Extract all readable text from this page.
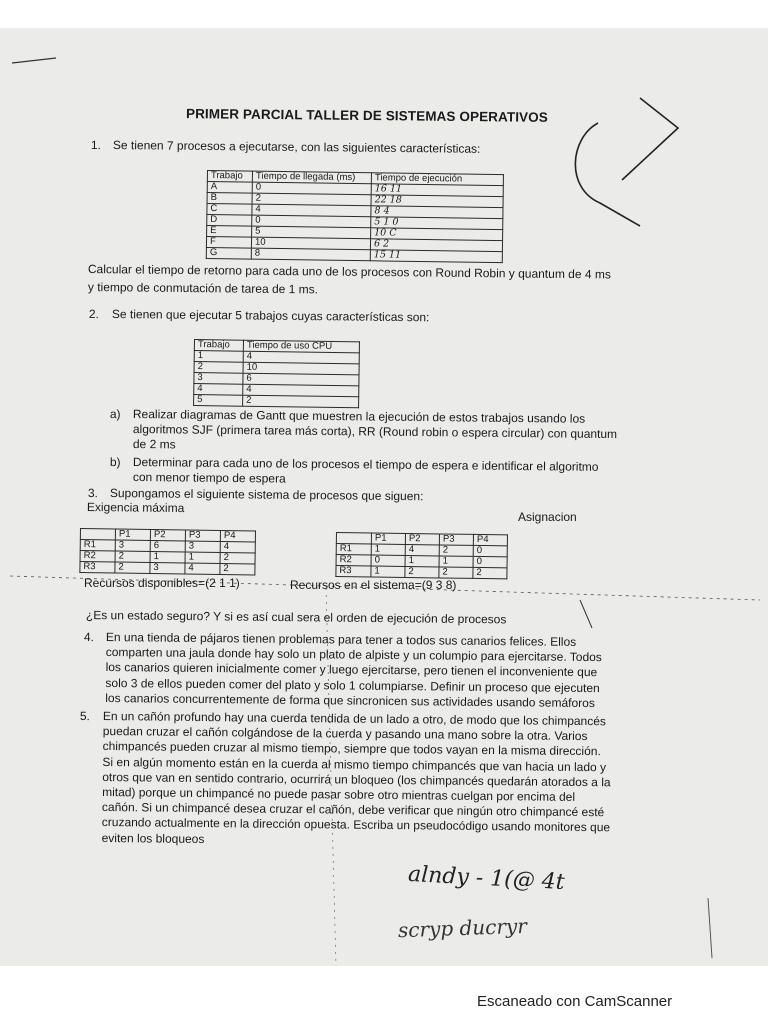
PRIMER PARCIAL TALLER DE SISTEMAS OPERATIVOS
1. Se tienen 7 procesos a ejecutarse, con las siguientes características:
Trabajo	Tiempo de llegada (ms)	Tiempo de ejecución
A	0	16 11
B	2	22 18
C	4	8 4
D	0	5 1 0
E	5	10 C
F	10	6 2
G	8	15 11
Calcular el tiempo de retorno para cada uno de los procesos con Round Robin y quantum de 4 ms
y tiempo de conmutación de tarea de 1 ms.
2. Se tienen que ejecutar 5 trabajos cuyas características son:
Trabajo	Tiempo de uso CPU
1	4
2	10
3	6
4	4
5	2
a) Realizar diagramas de Gantt que muestren la ejecución de estos trabajos usando los
algoritmos SJF (primera tarea más corta), RR (Round robin o espera circular) con quantum
de 2 ms
b) Determinar para cada uno de los procesos el tiempo de espera e identificar el algoritmo
con menor tiempo de espera
3. Supongamos el siguiente sistema de procesos que siguen:
Exigencia máxima
Asignacion
	P1	P2	P3	P4
R1	3	6	3	4
R2	2	1	1	2
R3	2	3	4	2
	P1	P2	P3	P4
R1	1	4	2	0
R2	0	1	1	0
R3	1	2	2	2
Recursos disponibles=(2 1 1)	Recursos en el sistema=(9 3 8)
¿Es un estado seguro? Y si es así cual sera el orden de ejecución de procesos
4. En una tienda de pájaros tienen problemas para tener a todos sus canarios felices. Ellos
comparten una jaula donde hay solo un plato de alpiste y un columpio para ejercitarse. Todos
los canarios quieren inicialmente comer y luego ejercitarse, pero tienen el inconveniente que
solo 3 de ellos pueden comer del plato y solo 1 columpiarse. Definir un proceso que ejecuten
los canarios concurrentemente de forma que sincronicen sus actividades usando semáforos
5. En un cañón profundo hay una cuerda tendida de un lado a otro, de modo que los chimpancés
puedan cruzar el cañón colgándose de la cuerda y pasando una mano sobre la otra. Varios
chimpancés pueden cruzar al mismo tiempo, siempre que todos vayan en la misma dirección.
Si en algún momento están en la cuerda al mismo tiempo chimpancés que van hacia un lado y
otros que van en sentido contrario, ocurrirá un bloqueo (los chimpancés quedarán atorados a la
mitad) porque un chimpancé no puede pasar sobre otro mientras cuelgan por encima del
cañón. Si un chimpancé desea cruzar el cañón, debe verificar que ningún otro chimpancé esté
cruzando actualmente en la dirección opuesta. Escriba un pseudocódigo usando monitores que
eviten los bloqueos
alndy - 1(@ 4t
scryp ducryr
Escaneado con CamScanner
